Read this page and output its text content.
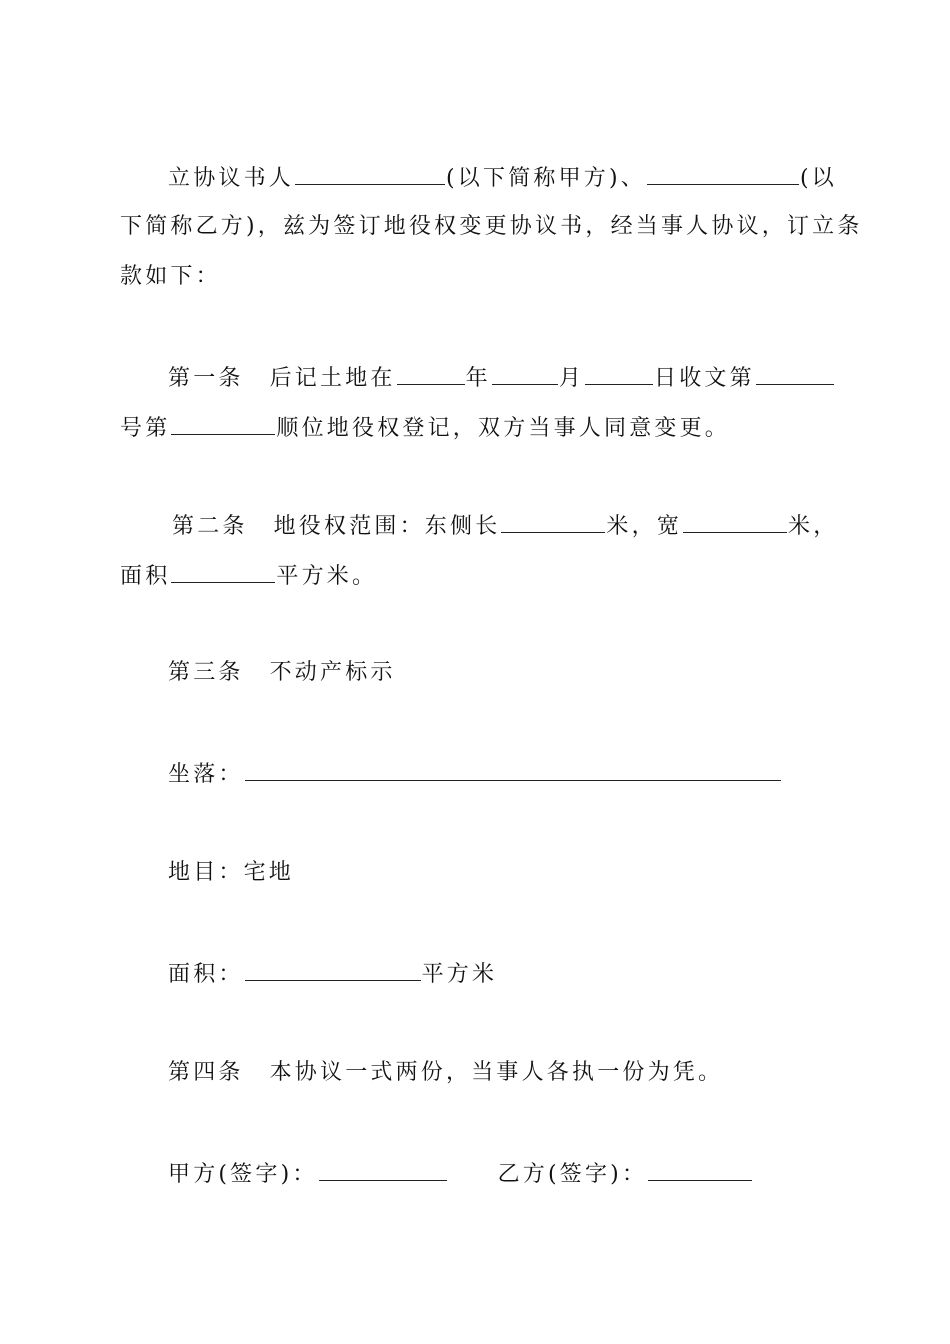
立协议书人	(以下简称甲方)、	(以
下简称乙方)，兹为签订地役权变更协议书，经当事人协议，订立条
款如下：
第一条 后记土地在	年	月	日收文第
号第	顺位地役权登记，双方当事人同意变更。
第二条 地役权范围：东侧长	米，宽	米，
面积	平方米。
第三条 不动产标示
坐落：
地目：宅地
面积：	平方米
第四条 本协议一式两份，当事人各执一份为凭。
甲方(签字)：	乙方(签字)：
